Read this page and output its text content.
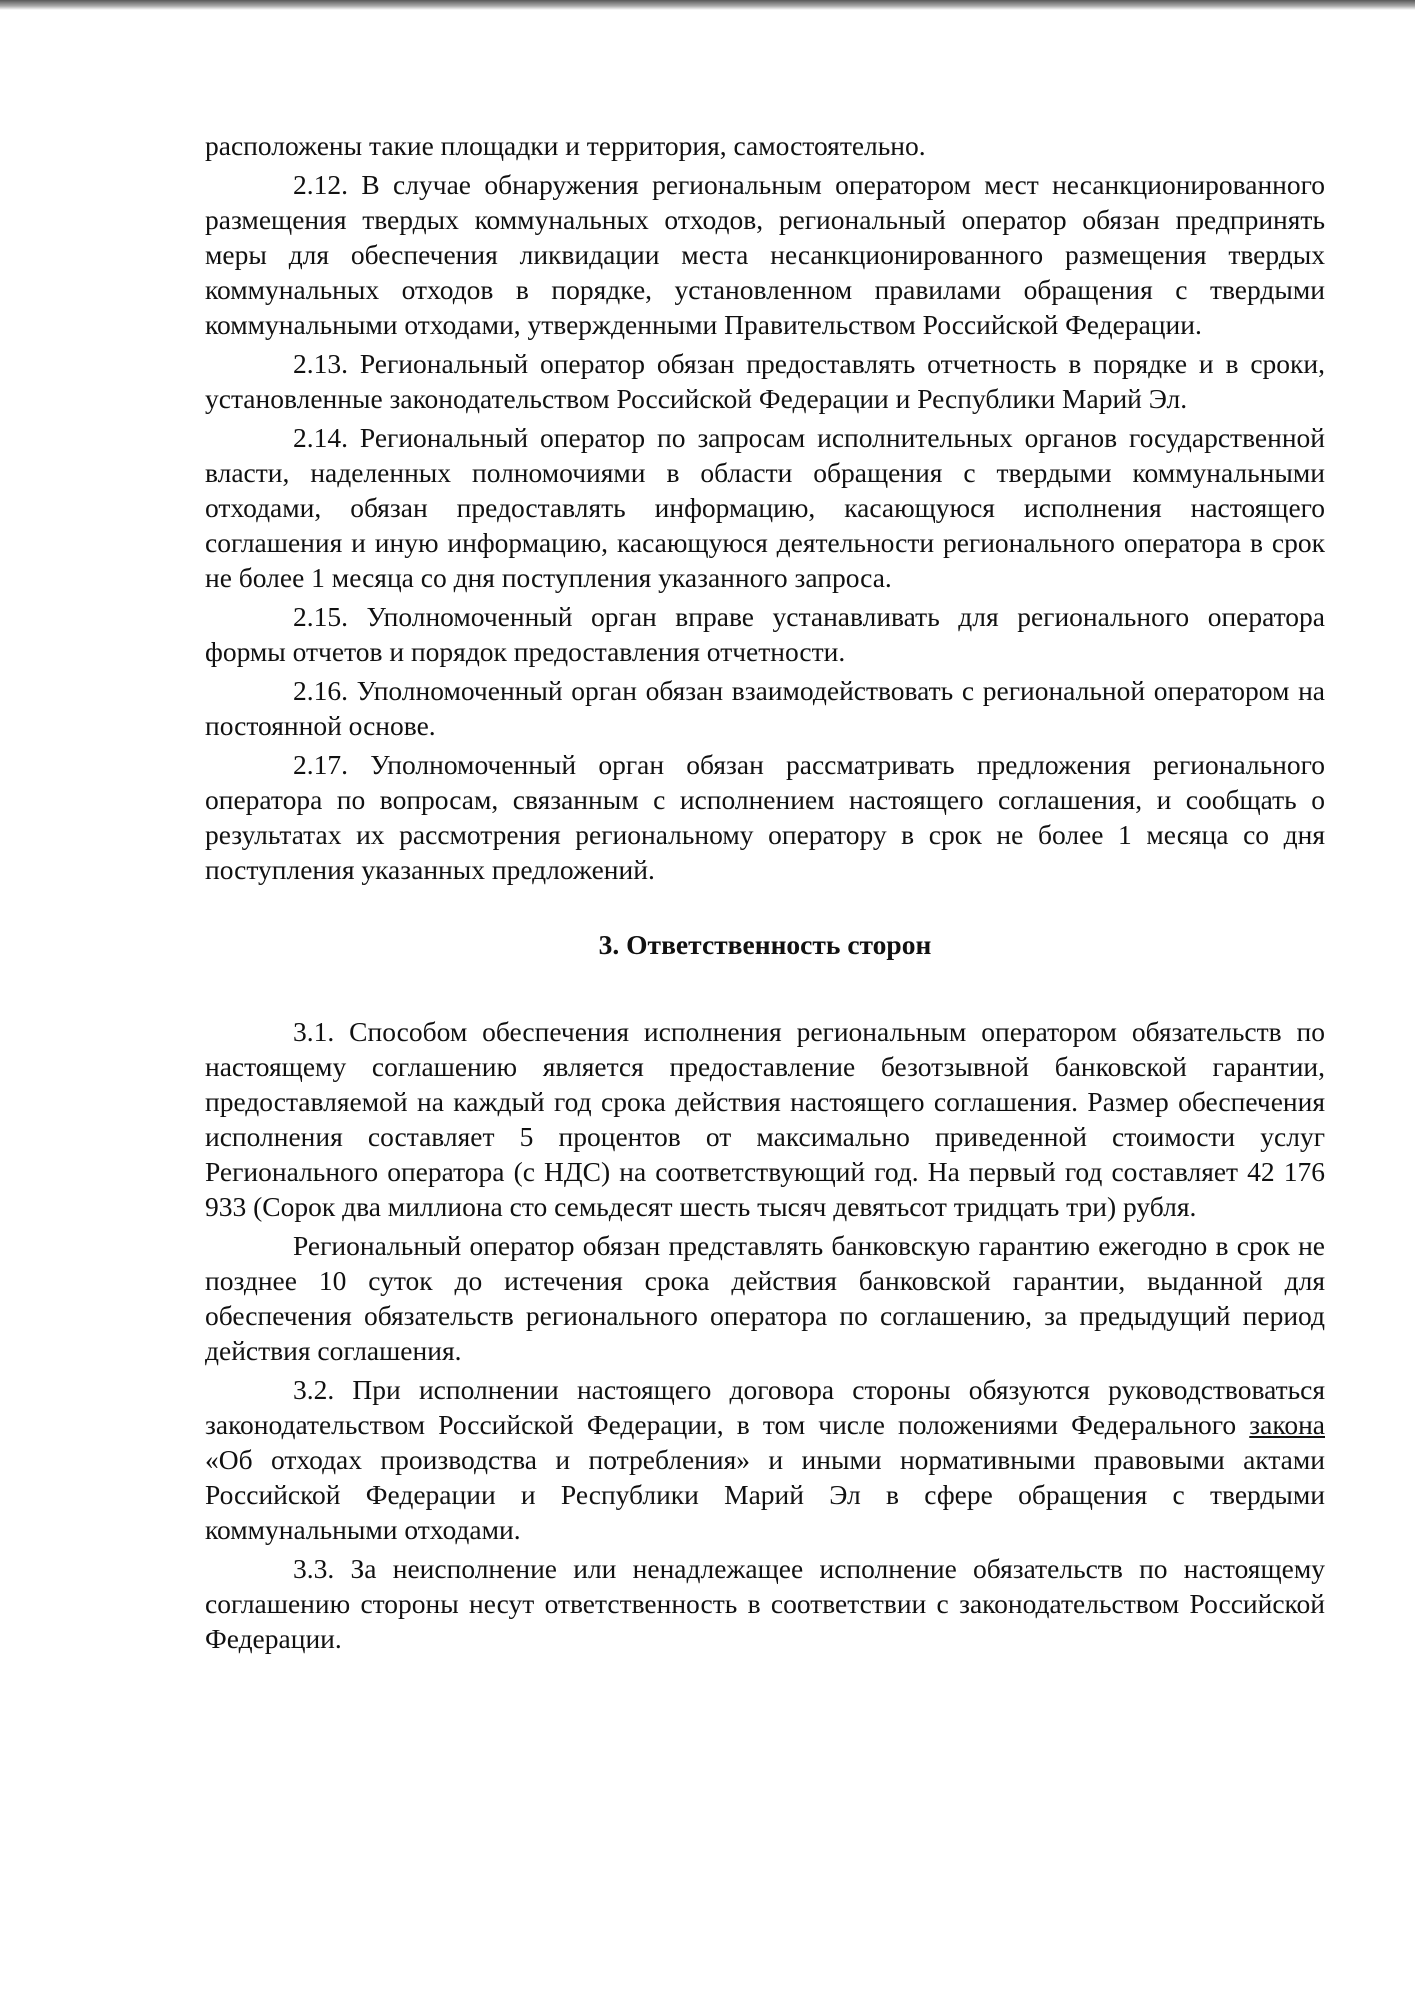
расположены такие площадки и территория, самостоятельно.

2.12. В случае обнаружения региональным оператором мест несанкционированного размещения твердых коммунальных отходов, региональный оператор обязан предпринять меры для обеспечения ликвидации места несанкционированного размещения твердых коммунальных отходов в порядке, установленном правилами обращения с твердыми коммунальными отходами, утвержденными Правительством Российской Федерации.

2.13. Региональный оператор обязан предоставлять отчетность в порядке и в сроки, установленные законодательством Российской Федерации и Республики Марий Эл.

2.14. Региональный оператор по запросам исполнительных органов государственной власти, наделенных полномочиями в области обращения с твердыми коммунальными отходами, обязан предоставлять информацию, касающуюся исполнения настоящего соглашения и иную информацию, касающуюся деятельности регионального оператора в срок не более 1 месяца со дня поступления указанного запроса.

2.15. Уполномоченный орган вправе устанавливать для регионального оператора формы отчетов и порядок предоставления отчетности.

2.16. Уполномоченный орган обязан взаимодействовать с региональной оператором на постоянной основе.

2.17. Уполномоченный орган обязан рассматривать предложения регионального оператора по вопросам, связанным с исполнением настоящего соглашения, и сообщать о результатах их рассмотрения региональному оператору в срок не более 1 месяца со дня поступления указанных предложений.

3. Ответственность сторон

3.1. Способом обеспечения исполнения региональным оператором обязательств по настоящему соглашению является предоставление безотзывной банковской гарантии, предоставляемой на каждый год срока действия настоящего соглашения. Размер обеспечения исполнения составляет 5 процентов от максимально приведенной стоимости услуг Регионального оператора (с НДС) на соответствующий год. На первый год составляет 42 176 933 (Сорок два миллиона сто семьдесят шесть тысяч девятьсот тридцать три) рубля.

Региональный оператор обязан представлять банковскую гарантию ежегодно в срок не позднее 10 суток до истечения срока действия банковской гарантии, выданной для обеспечения обязательств регионального оператора по соглашению, за предыдущий период действия соглашения.

3.2. При исполнении настоящего договора стороны обязуются руководствоваться законодательством Российской Федерации, в том числе положениями Федерального закона «Об отходах производства и потребления» и иными нормативными правовыми актами Российской Федерации и Республики Марий Эл в сфере обращения с твердыми коммунальными отходами.

3.3. За неисполнение или ненадлежащее исполнение обязательств по настоящему соглашению стороны несут ответственность в соответствии с законодательством Российской Федерации.
